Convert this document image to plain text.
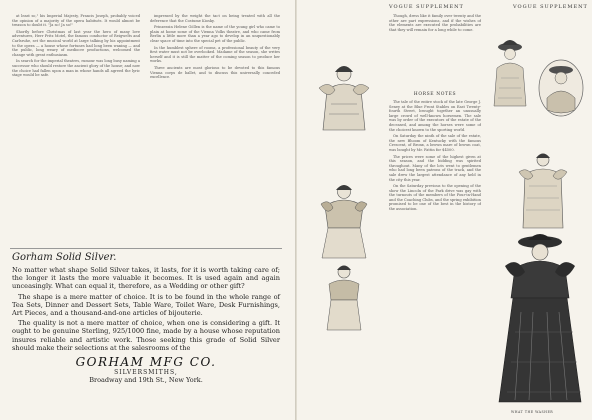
at least so," his Imperial Majesty, Francis Joseph, probably voiced the opinion of a majority of the opera habitués. It would almost be treason to doubt it. "Ja so! Ja so!"

Shortly before Christmas of last year the hero of many love adventures, Herr Fritz Motel, the famous conductor of Reigwelts and Carlsruhe, set the musical world at large talking by his appointment to the opera — a house whose fortunes had long been waning — and the public, long weary of mediocre productions, welcomed the change with great enthusiasm.

In search for the imperial theatres, rumour was long busy naming a successor who should restore the ancient glory of the house; and now the choice had fallen upon a man in whose hands all agreed the lyric stage would be safe.

impressed by the weight the tact on being treated with all the deference that the Costume Kiosky.

Prinzessin Helene Göllen is the name of the young girl who came to plain at home some of the Vienna Volks theatre, and who came from Berlin a little more than a year ago to develop in an unquestionably clear space of time into the special pet of the public.

In the humblest sphere of rooms, a professional beauty of the very first water must not be overlooked. Madame of the season, she writes herself and it is still the matter of the coming season to produce her works.

Three ancients are most glorious to be devoted to this famous Vienna corps de ballet, and to discuss this universally conceded excellence.

Gorham Solid Silver.

No matter what shape Solid Silver takes, it lasts, for it is worth taking care of; the longer it lasts the more valuable it becomes. It is used again and again unceasingly. What can equal it, therefore, as a Wedding or other gift?

The shape is a mere matter of choice. It is to be found in the whole range of Tea Sets, Dinner and Dessert Sets, Table Ware, Toilet Ware, Desk Furnishings, Art Pieces, and a thousand-and-one articles of bijouterie.

The quality is not a mere matter of choice, when one is considering a gift. It ought to be genuine Sterling, 925/1000 fine, made by a house whose reputation insures reliable and artistic work. Those seeking this grade of Solid Silver should make their selections at the salesrooms of the

GORHAM MFG CO.
SILVERSMITHS,
Broadway and 19th St., New York.
VOGUE SUPPLEMENT	VOGUE SUPPLEMENT

Though, dress like it family over twenty and the other are part expressions, and if the wishes of the elements are executed the probabilities are that they will remain for a long while to come.

HORSE NOTES

The tale of the entire stock of the late George J. Seney at the Blue Front Stables on East Twenty-fourth Street, brought together an unusually large crowd of well-known horsemen. The sale was by order of the executors of the estate of the deceased, and among the horses were some of the choicest known to the sporting world.

On Saturday the ninth of the sale of the estate, the new Bhoom of Kentucky with the famous Crescent, of Bronx, a brown mare of brown coat, was bought by Mr. Fattin for $4500.

The prices were some of the highest given at this season, and the bidding was spirited throughout. Many of the lots went to gentlemen who had long been patrons of the track, and the sale drew the largest attendance of any held in the city this year.

On the Saturday previous to the opening of the show the Lincoln of the Park drive was gay with the turnouts of the members of the Four-in-Hand and the Coaching Clubs, and the spring exhibition promised to be one of the best in the history of the association.

WHAT THE WASHER
